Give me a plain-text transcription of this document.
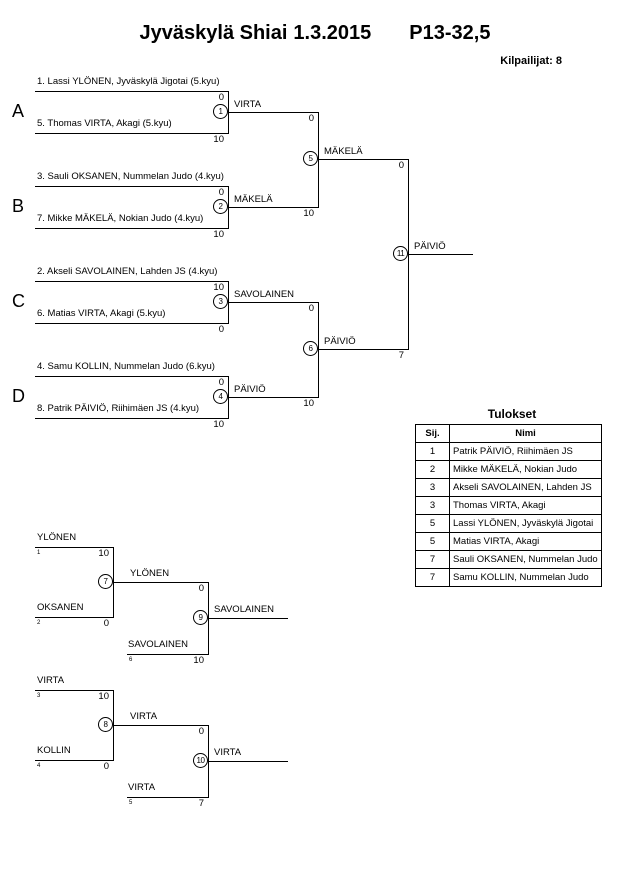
Jyväskylä Shiai 1.3.2015 P13-32,5
Kilpailijat: 8
A
B
C
D
1. Lassi YLÖNEN, Jyväskylä Jigotai (5.kyu)
0
5. Thomas VIRTA, Akagi (5.kyu)
10
3. Sauli OKSANEN, Nummelan Judo (4.kyu)
0
7. Mikke MÄKELÄ, Nokian Judo (4.kyu)
10
2. Akseli SAVOLAINEN, Lahden JS (4.kyu)
10
6. Matias VIRTA, Akagi (5.kyu)
0
4. Samu KOLLIN, Nummelan Judo (6.kyu)
0
8. Patrik PÄIVIÖ, Riihimäen JS (4.kyu)
10
VIRTA
0
1
MÄKELÄ
10
2
SAVOLAINEN
0
3
PÄIVIÖ
10
4
MÄKELÄ
0
5
PÄIVIÖ
7
6
PÄIVIÖ
11
YLÖNEN
10
1
OKSANEN
0
2
YLÖNEN
0
7
SAVOLAINEN
10
6
SAVOLAINEN
9
VIRTA
10
3
KOLLIN
0
4
VIRTA
0
8
VIRTA
7
5
VIRTA
10
Tulokset
Sij.	Nimi
1	Patrik PÄIVIÖ, Riihimäen JS
2	Mikke MÄKELÄ, Nokian Judo
3	Akseli SAVOLAINEN, Lahden JS
3	Thomas VIRTA, Akagi
5	Lassi YLÖNEN, Jyväskylä Jigotai
5	Matias VIRTA, Akagi
7	Sauli OKSANEN, Nummelan Judo
7	Samu KOLLIN, Nummelan Judo
